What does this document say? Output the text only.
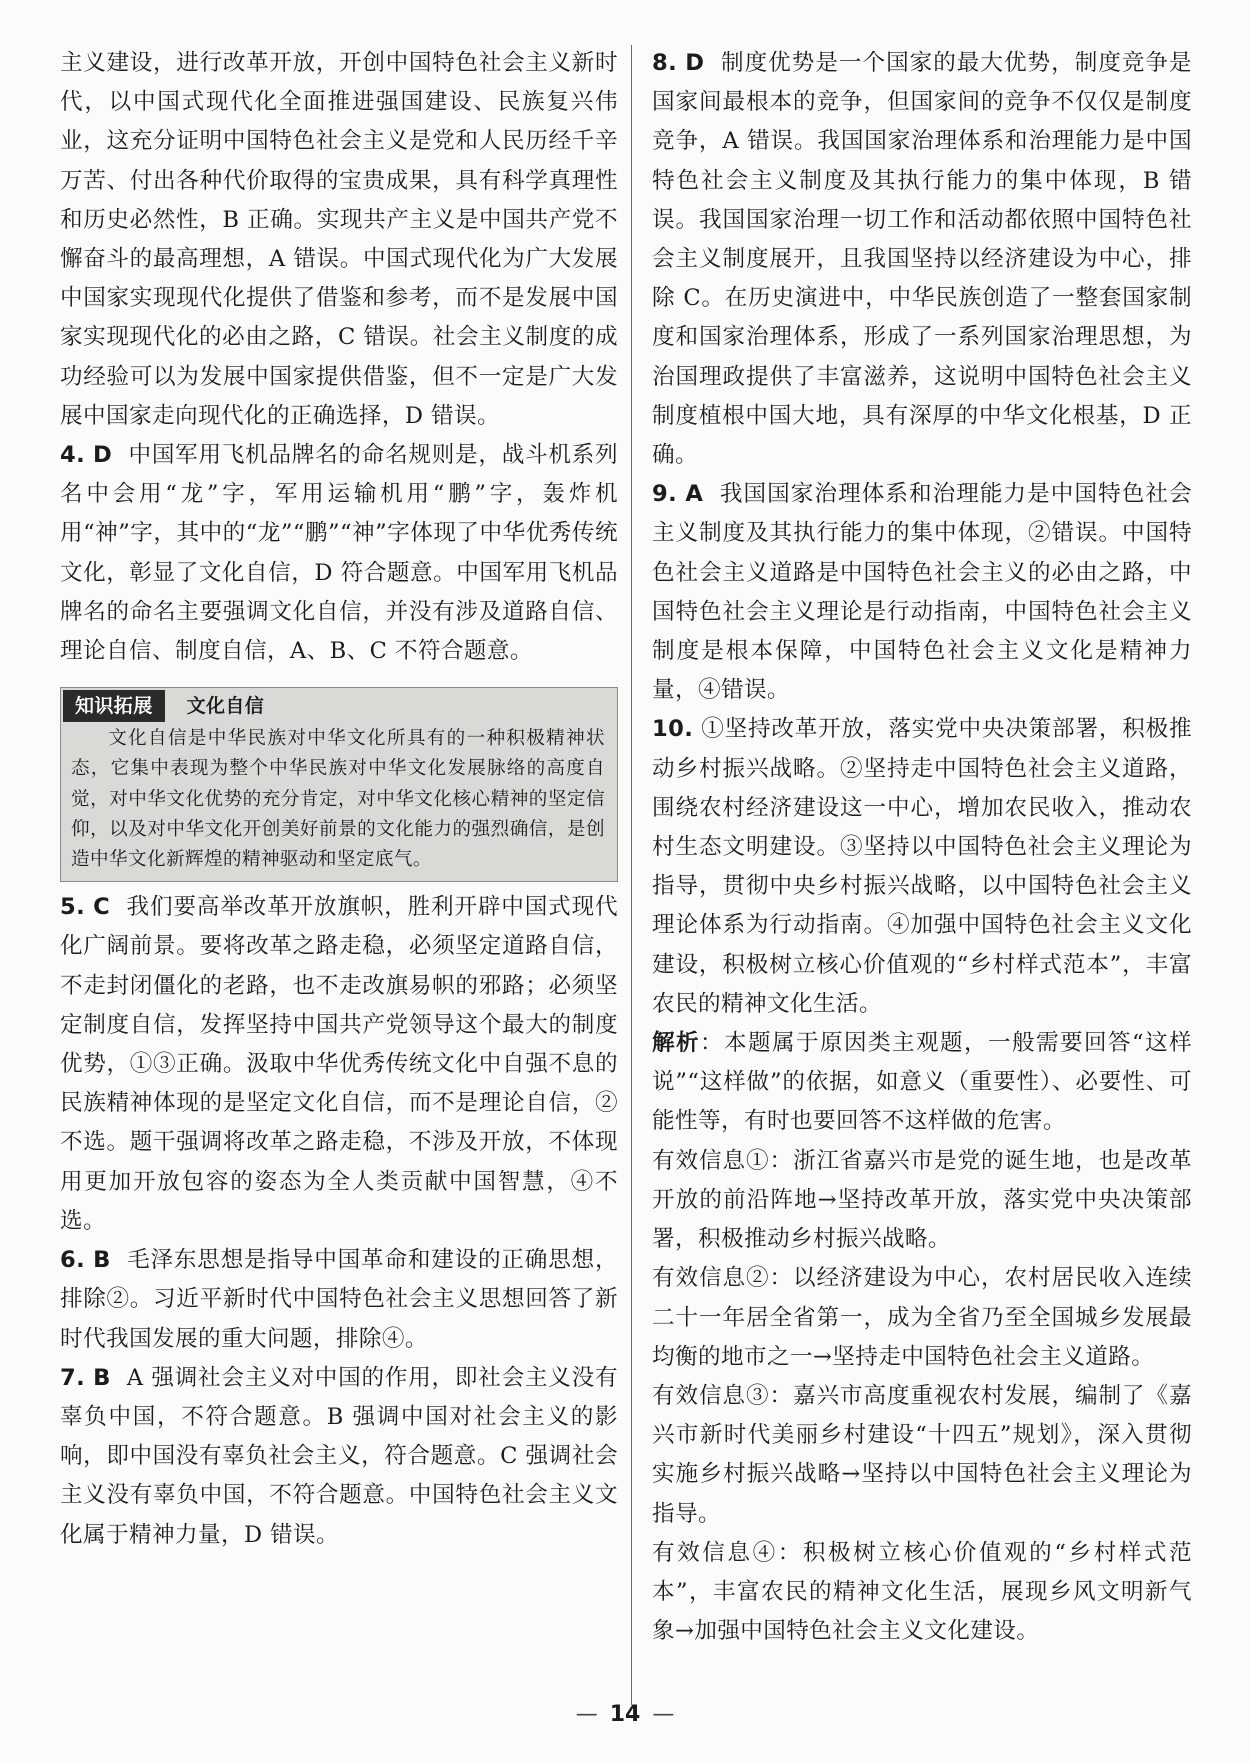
主义建设，进行改革开放，开创中国特色社会主义新时代，以中国式现代化全面推进强国建设、民族复兴伟业，这充分证明中国特色社会主义是党和人民历经千辛万苦、付出各种代价取得的宝贵成果，具有科学真理性和历史必然性，B 正确。实现共产主义是中国共产党不懈奋斗的最高理想，A 错误。中国式现代化为广大发展中国家实现现代化提供了借鉴和参考，而不是发展中国家实现现代化的必由之路，C 错误。社会主义制度的成功经验可以为发展中国家提供借鉴，但不一定是广大发展中国家走向现代化的正确选择，D 错误。

4. D 中国军用飞机品牌名的命名规则是，战斗机系列名中会用“龙”字，军用运输机用“鹏”字，轰炸机用“神”字，其中的“龙”“鹏”“神”字体现了中华优秀传统文化，彰显了文化自信，D 符合题意。中国军用飞机品牌名的命名主要强调文化自信，并没有涉及道路自信、理论自信、制度自信，A、B、C 不符合题意。

知识拓展	文化自信

文化自信是中华民族对中华文化所具有的一种积极精神状态，它集中表现为整个中华民族对中华文化发展脉络的高度自觉，对中华文化优势的充分肯定，对中华文化核心精神的坚定信仰，以及对中华文化开创美好前景的文化能力的强烈确信，是创造中华文化新辉煌的精神驱动和坚定底气。

5. C 我们要高举改革开放旗帜，胜利开辟中国式现代化广阔前景。要将改革之路走稳，必须坚定道路自信，不走封闭僵化的老路，也不走改旗易帜的邪路；必须坚定制度自信，发挥坚持中国共产党领导这个最大的制度优势，①③正确。汲取中华优秀传统文化中自强不息的民族精神体现的是坚定文化自信，而不是理论自信，②不选。题干强调将改革之路走稳，不涉及开放，不体现用更加开放包容的姿态为全人类贡献中国智慧，④不选。

6. B 毛泽东思想是指导中国革命和建设的正确思想，排除②。习近平新时代中国特色社会主义思想回答了新时代我国发展的重大问题，排除④。

7. B A 强调社会主义对中国的作用，即社会主义没有辜负中国，不符合题意。B 强调中国对社会主义的影响，即中国没有辜负社会主义，符合题意。C 强调社会主义没有辜负中国，不符合题意。中国特色社会主义文化属于精神力量，D 错误。

8. D 制度优势是一个国家的最大优势，制度竞争是国家间最根本的竞争，但国家间的竞争不仅仅是制度竞争，A 错误。我国国家治理体系和治理能力是中国特色社会主义制度及其执行能力的集中体现，B 错误。我国国家治理一切工作和活动都依照中国特色社会主义制度展开，且我国坚持以经济建设为中心，排除 C。在历史演进中，中华民族创造了一整套国家制度和国家治理体系，形成了一系列国家治理思想，为治国理政提供了丰富滋养，这说明中国特色社会主义制度植根中国大地，具有深厚的中华文化根基，D 正确。

9. A 我国国家治理体系和治理能力是中国特色社会主义制度及其执行能力的集中体现，②错误。中国特色社会主义道路是中国特色社会主义的必由之路，中国特色社会主义理论是行动指南，中国特色社会主义制度是根本保障，中国特色社会主义文化是精神力量，④错误。

10. ①坚持改革开放，落实党中央决策部署，积极推动乡村振兴战略。②坚持走中国特色社会主义道路，围绕农村经济建设这一中心，增加农民收入，推动农村生态文明建设。③坚持以中国特色社会主义理论为指导，贯彻中央乡村振兴战略，以中国特色社会主义理论体系为行动指南。④加强中国特色社会主义文化建设，积极树立核心价值观的“乡村样式范本”，丰富农民的精神文化生活。

解析：本题属于原因类主观题，一般需要回答“这样说”“这样做”的依据，如意义（重要性）、必要性、可能性等，有时也要回答不这样做的危害。

有效信息①：浙江省嘉兴市是党的诞生地，也是改革开放的前沿阵地→坚持改革开放，落实党中央决策部署，积极推动乡村振兴战略。

有效信息②：以经济建设为中心，农村居民收入连续二十一年居全省第一，成为全省乃至全国城乡发展最均衡的地市之一→坚持走中国特色社会主义道路。

有效信息③：嘉兴市高度重视农村发展，编制了《嘉兴市新时代美丽乡村建设“十四五”规划》，深入贯彻实施乡村振兴战略→坚持以中国特色社会主义理论为指导。

有效信息④：积极树立核心价值观的“乡村样式范本”，丰富农民的精神文化生活，展现乡风文明新气象→加强中国特色社会主义文化建设。

— 14 —
